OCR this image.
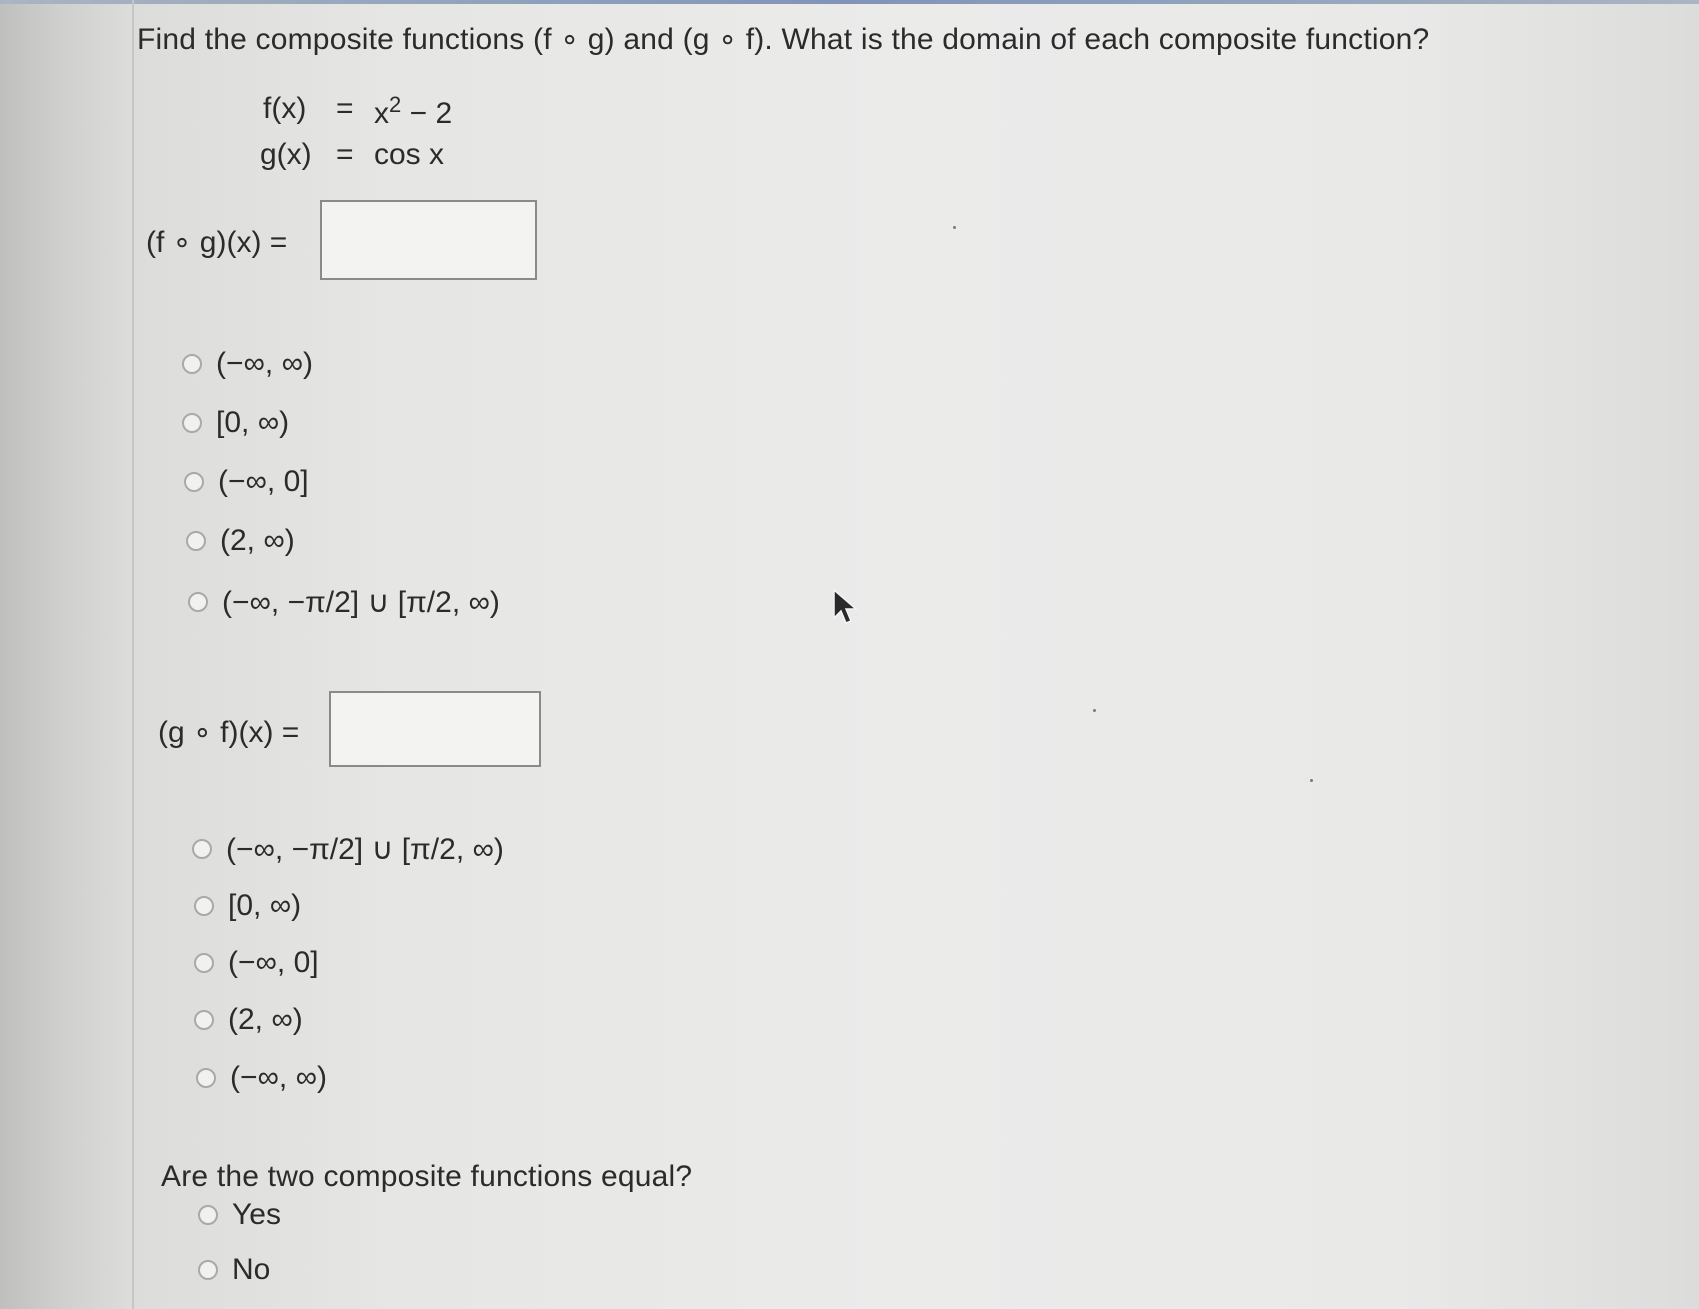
Find the composite functions (f ∘ g) and (g ∘ f). What is the domain of each composite function?
$f(x) = x^2 - 2$
g(x) = cos x
(f ∘ g)(x) =
(−∞, ∞)
[0, ∞)
(−∞, 0]
(2, ∞)
(−∞, −π/2] ∪ [π/2, ∞)
(g ∘ f)(x) =
(−∞, −π/2] ∪ [π/2, ∞)
[0, ∞)
(−∞, 0]
(2, ∞)
(−∞, ∞)
Are the two composite functions equal?
Yes
No
